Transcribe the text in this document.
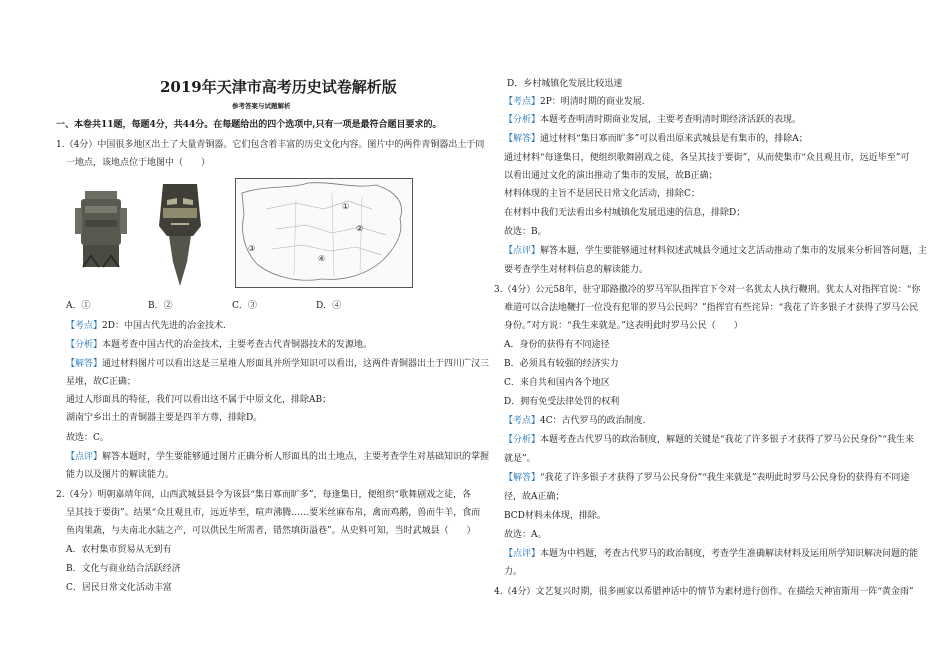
2019年天津市高考历史试卷解析版
参考答案与试题解析
一、本卷共11题，每题4分，共44分。在每题给出的四个选项中,只有一项是最符合题目要求的。
1.（4分）中国很多地区出土了大量青铜器。它们包含着丰富的历史文化内容。图片中的两件青铜器出土于同
一地点，该地点位于地图中（　　）
①
②
③
④
A．①	B．②	C．③	D．④
【考点】2D：中国古代先进的冶金技术.
【分析】本题考查中国古代的冶金技术，主要考查古代青铜器技术的发源地。
【解答】通过材料图片可以看出这是三星堆人形面具并所学知识可以看出，这两件青铜器出土于四川广汉三
星堆，故C正确；
通过人形面具的特征，我们可以看出这不属于中原文化，排除AB；
湖南宁乡出土的青铜器主要是四羊方尊，排除D。
故选：C。
【点评】解答本题时，学生要能够通过图片正确分析人形面具的出土地点，主要考查学生对基础知识的掌握
能力以及图片的解读能力。
2.（4分）明朝嘉靖年间，山西武城县县令为该县“集日寡而旷多”，每逢集日，便组织“歌舞剧戏之徒，各
呈其技于要街”。结果“众且观且市，远近毕至，喧声沸腾……要米丝麻布帛，禽而鸡鹅，兽而牛羊，食而
鱼肉果蔬，与夫南北水陆之产，可以供民生所需者，错然填街溢巷”。从史料可知，当时武城县（　　）
A．农村集市贸易从无到有
B．文化与商业结合活跃经济
C．居民日常文化活动丰富
D．乡村城镇化发展比较迅速
【考点】2P：明清时期的商业发展.
【分析】本题考查明清时期商业发展，主要考查明清时期经济活跃的表现。
【解答】通过材料“集日寡而旷多”可以看出原来武城县是有集市的，排除A；
通过材料“每逢集日，便组织歌舞剧戏之徒，各呈其技于要街”，从而使集市“众且观且市，远近毕至”可
以看出通过文化的演出推动了集市的发展，故B正确；
材料体现的主旨不是居民日常文化活动，排除C；
在材料中我们无法看出乡村城镇化发展迅速的信息，排除D；
故选：B。
【点评】解答本题，学生要能够通过材料叙述武城县令通过文艺活动推动了集市的发展来分析回答问题，主
要考查学生对材料信息的解读能力。
3.（4分）公元58年，驻守耶路撒冷的罗马军队指挥官下令对一名犹太人执行鞭刑。犹太人对指挥官说：“你
难道可以合法地鞭打一位没有犯罪的罗马公民吗？”指挥官有些诧异：“我花了许多银子才获得了罗马公民
身份。”对方说：“我生来就是。”这表明此时罗马公民（　　）
A．身份的获得有不同途径
B．必须具有较强的经济实力
C．来自共和国内各个地区
D．拥有免受法律处罚的权利
【考点】4C：古代罗马的政治制度.
【分析】本题考查古代罗马的政治制度，解题的关键是“我花了许多银子才获得了罗马公民身份”“我生来
就是”。
【解答】“我花了许多银子才获得了罗马公民身份”“我生来就是”表明此时罗马公民身份的获得有不同途
径，故A正确；
BCD材料未体现，排除。
故选：A。
【点评】本题为中档题，考查古代罗马的政治制度，考查学生准确解读材料及运用所学知识解决问题的能
力。
4.（4分）文艺复兴时期，很多画家以希腊神话中的情节为素材进行创作。在描绘天神宙斯用一阵“黄金雨”
